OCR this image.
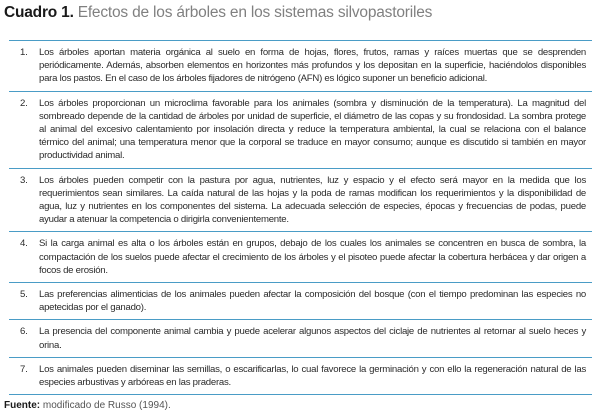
Cuadro 1. Efectos de los árboles en los sistemas silvopastoriles
1. Los árboles aportan materia orgánica al suelo en forma de hojas, flores, frutos, ramas y raíces muertas que se desprenden periódicamente. Además, absorben elementos en horizontes más profundos y los depositan en la superficie, haciéndolos disponibles para los pastos. En el caso de los árboles fijadores de nitrógeno (AFN) es lógico suponer un beneficio adicional.
2. Los árboles proporcionan un microclima favorable para los animales (sombra y disminución de la temperatura). La magnitud del sombreado depende de la cantidad de árboles por unidad de superficie, el diámetro de las copas y su frondosidad. La sombra protege al animal del excesivo calentamiento por insolación directa y reduce la temperatura ambiental, la cual se relaciona con el balance térmico del animal; una temperatura menor que la corporal se traduce en mayor consumo; aunque es discutido si también en mayor productividad animal.
3. Los árboles pueden competir con la pastura por agua, nutrientes, luz y espacio y el efecto será mayor en la medida que los requerimientos sean similares. La caída natural de las hojas y la poda de ramas modifican los requerimientos y la disponibilidad de agua, luz y nutrientes en los componentes del sistema. La adecuada selección de especies, épocas y frecuencias de podas, puede ayudar a atenuar la competencia o dirigirla convenientemente.
4. Si la carga animal es alta o los árboles están en grupos, debajo de los cuales los animales se concentren en busca de sombra, la compactación de los suelos puede afectar el crecimiento de los árboles y el pisoteo puede afectar la cobertura herbácea y dar origen a focos de erosión.
5. Las preferencias alimenticias de los animales pueden afectar la composición del bosque (con el tiempo predominan las especies no apetecidas por el ganado).
6. La presencia del componente animal cambia y puede acelerar algunos aspectos del ciclaje de nutrientes al retornar al suelo heces y orina.
7. Los animales pueden diseminar las semillas, o escarificarlas, lo cual favorece la germinación y con ello la regeneración natural de las especies arbustivas y arbóreas en las praderas.
Fuente: modificado de Russo (1994).
